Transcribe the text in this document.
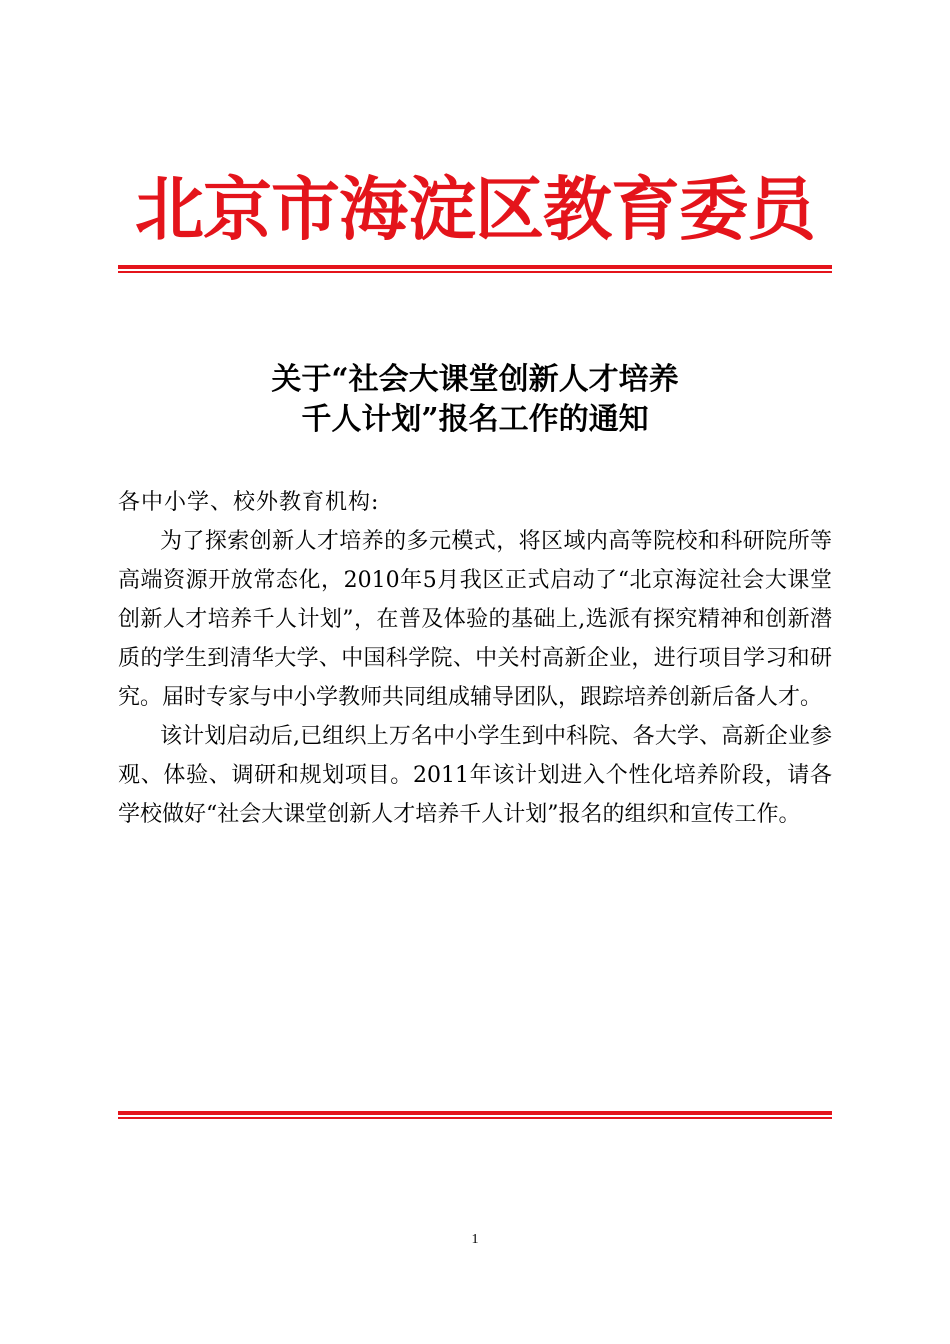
北京市海淀区教育委员
关于“社会大课堂创新人才培养
千人计划”报名工作的通知

各中小学、校外教育机构:

为了探索创新人才培养的多元模式，将区域内高等院校和科研院所等高端资源开放常态化，2010年5月我区正式启动了“北京海淀社会大课堂创新人才培养千人计划”，在普及体验的基础上,选派有探究精神和创新潜质的学生到清华大学、中国科学院、中关村高新企业，进行项目学习和研究。届时专家与中小学教师共同组成辅导团队，跟踪培养创新后备人才。

该计划启动后,已组织上万名中小学生到中科院、各大学、高新企业参观、体验、调研和规划项目。2011年该计划进入个性化培养阶段，请各学校做好“社会大课堂创新人才培养千人计划”报名的组织和宣传工作。

1
